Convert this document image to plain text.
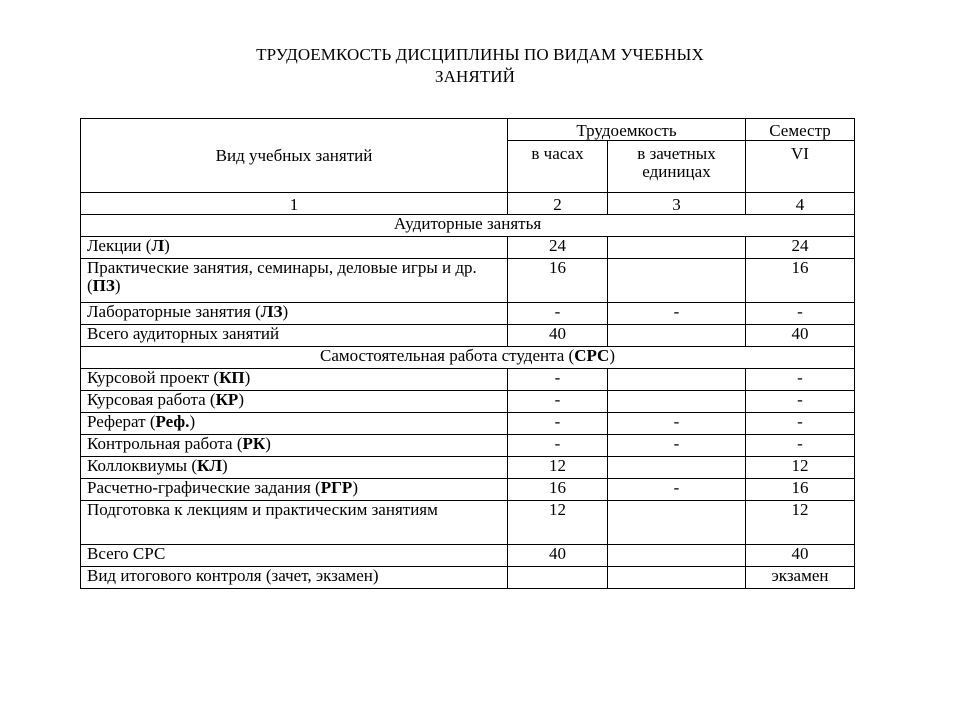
ТРУДОЕМКОСТЬ ДИСЦИПЛИНЫ ПО ВИДАМ УЧЕБНЫХ
ЗАНЯТИЙ
Вид учебных занятий	Трудоемкость		Семестр
	в часах	в зачетных единицах	VI
1	2	3	4
Аудиторные занятья			
Лекции (Л)	24		24
Практические занятия, семинары, деловые игры и др. (ПЗ)	16		16
Лабораторные занятия (ЛЗ)	-	-	-
Всего аудиторных занятий	40		40
Самостоятельная работа студента (СРС)			
Курсовой проект (КП)	-		-
Курсовая работа (КР)	-		-
Реферат (Реф.)	-	-	-
Контрольная работа (РК)	-	-	-
Коллоквиумы (КЛ)	12		12
Расчетно-графические задания (РГР)	16	-	16
Подготовка к лекциям и практическим занятиям	12		12
Всего СРС	40		40
Вид итогового контроля (зачет, экзамен)			экзамен
